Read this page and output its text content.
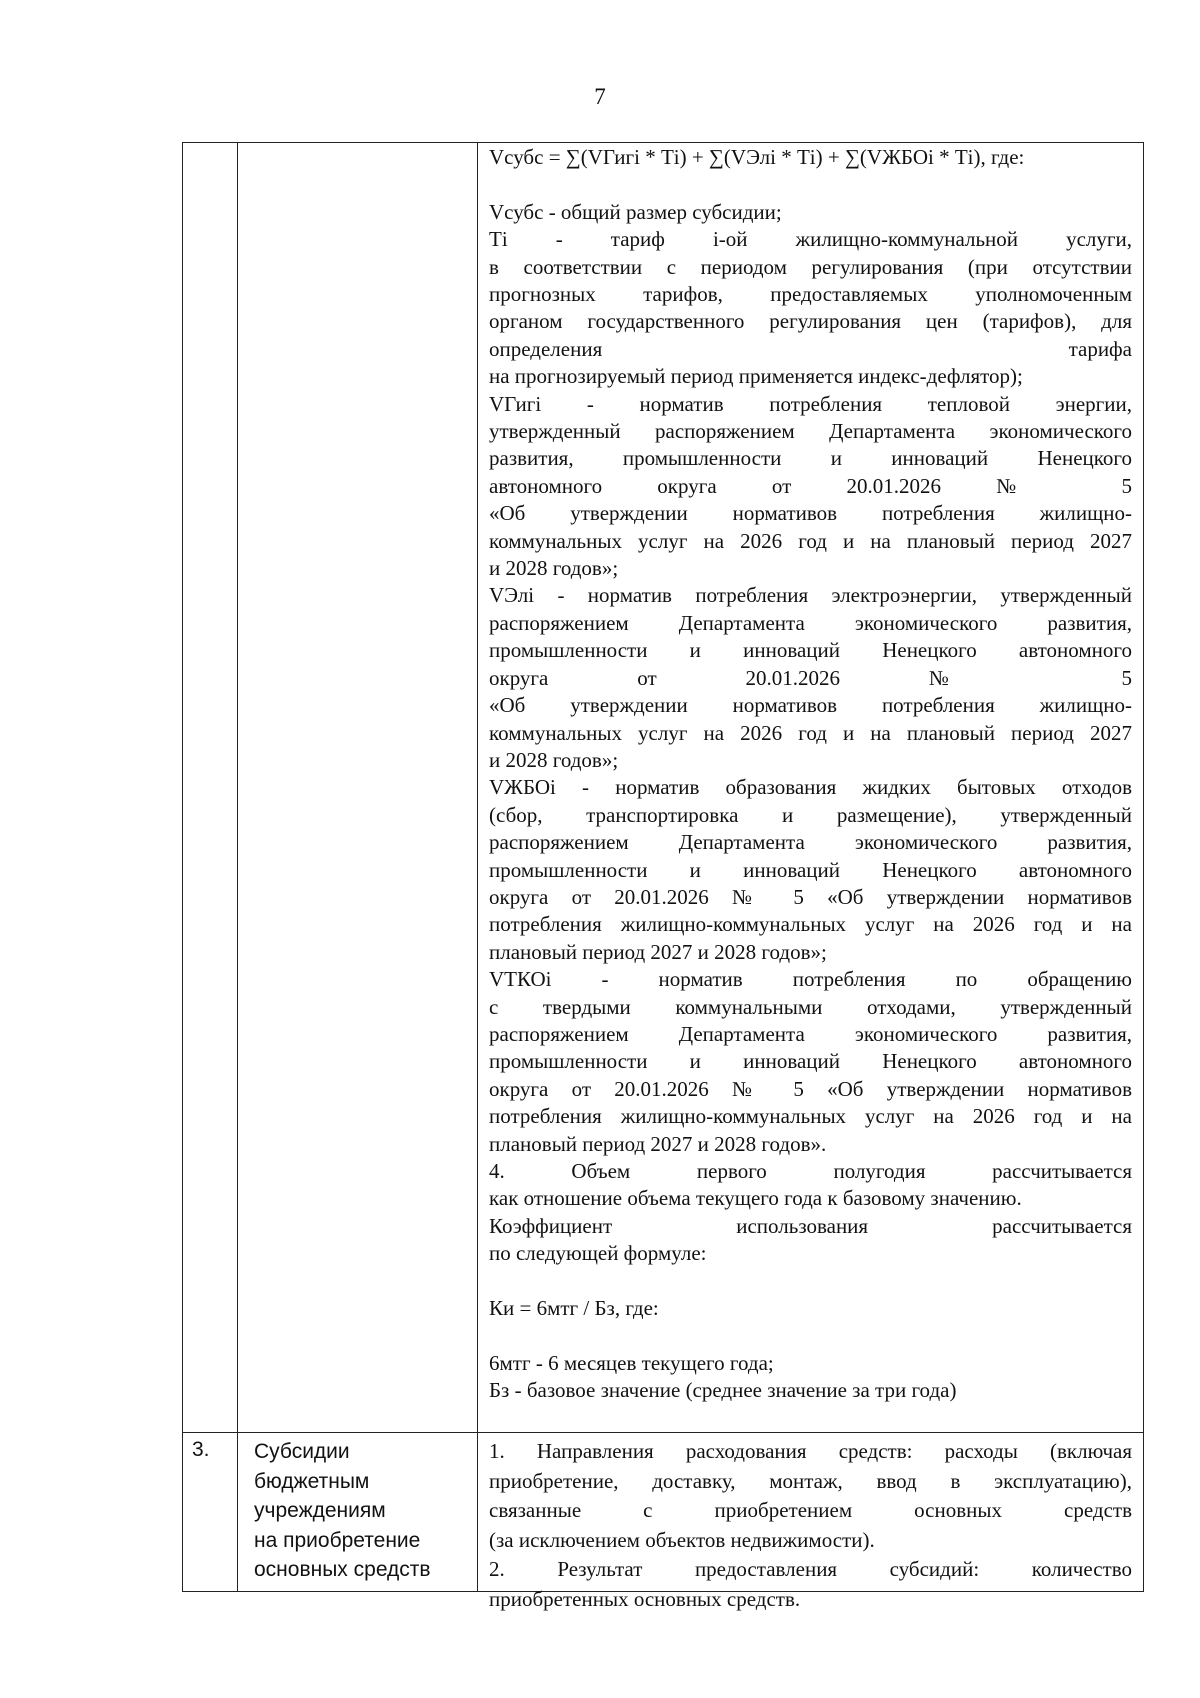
7

Vсубс = ∑(VГигi * Тi) + ∑(VЭлi * Тi) + ∑(VЖБОi * Тi), где:

Vсубс - общий размер субсидии;

Тi - тариф i-ой жилищно-коммунальной услуги,

в соответствии с периодом регулирования (при отсутствии

прогнозных тарифов, предоставляемых уполномоченным

органом государственного регулирования цен (тарифов), для

определения тарифа

на прогнозируемый период применяется индекс-дефлятор);

VГигi - норматив потребления тепловой энергии,

утвержденный распоряжением Департамента экономического

развития, промышленности и инноваций Ненецкого

автономного округа от 20.01.2026 № 5

«Об утверждении нормативов потребления жилищно-

коммунальных услуг на 2026 год и на плановый период 2027

и 2028 годов»;

VЭлi - норматив потребления электроэнергии, утвержденный

распоряжением Департамента экономического развития,

промышленности и инноваций Ненецкого автономного

округа от 20.01.2026 № 5

«Об утверждении нормативов потребления жилищно-

коммунальных услуг на 2026 год и на плановый период 2027

и 2028 годов»;

VЖБОi - норматив образования жидких бытовых отходов

(сбор, транспортировка и размещение), утвержденный

распоряжением Департамента экономического развития,

промышленности и инноваций Ненецкого автономного

округа от 20.01.2026 № 5 «Об утверждении нормативов

потребления жилищно-коммунальных услуг на 2026 год и на

плановый период 2027 и 2028 годов»;

VТКОi - норматив потребления по обращению

с твердыми коммунальными отходами, утвержденный

распоряжением Департамента экономического развития,

промышленности и инноваций Ненецкого автономного

округа от 20.01.2026 № 5 «Об утверждении нормативов

потребления жилищно-коммунальных услуг на 2026 год и на

плановый период 2027 и 2028 годов».

4. Объем первого полугодия рассчитывается

как отношение объема текущего года к базовому значению.

Коэффициент использования рассчитывается

по следующей формуле:

Ки = 6мтг / Бз, где:

6мтг - 6 месяцев текущего года;

Бз - базовое значение (среднее значение за три года)

3. Субсидии
бюджетным
учреждениям
на приобретение
основных средств

1. Направления расходования средств: расходы (включая

приобретение, доставку, монтаж, ввод в эксплуатацию),

связанные с приобретением основных средств

(за исключением объектов недвижимости).

2. Результат предоставления субсидий: количество

приобретенных основных средств.
